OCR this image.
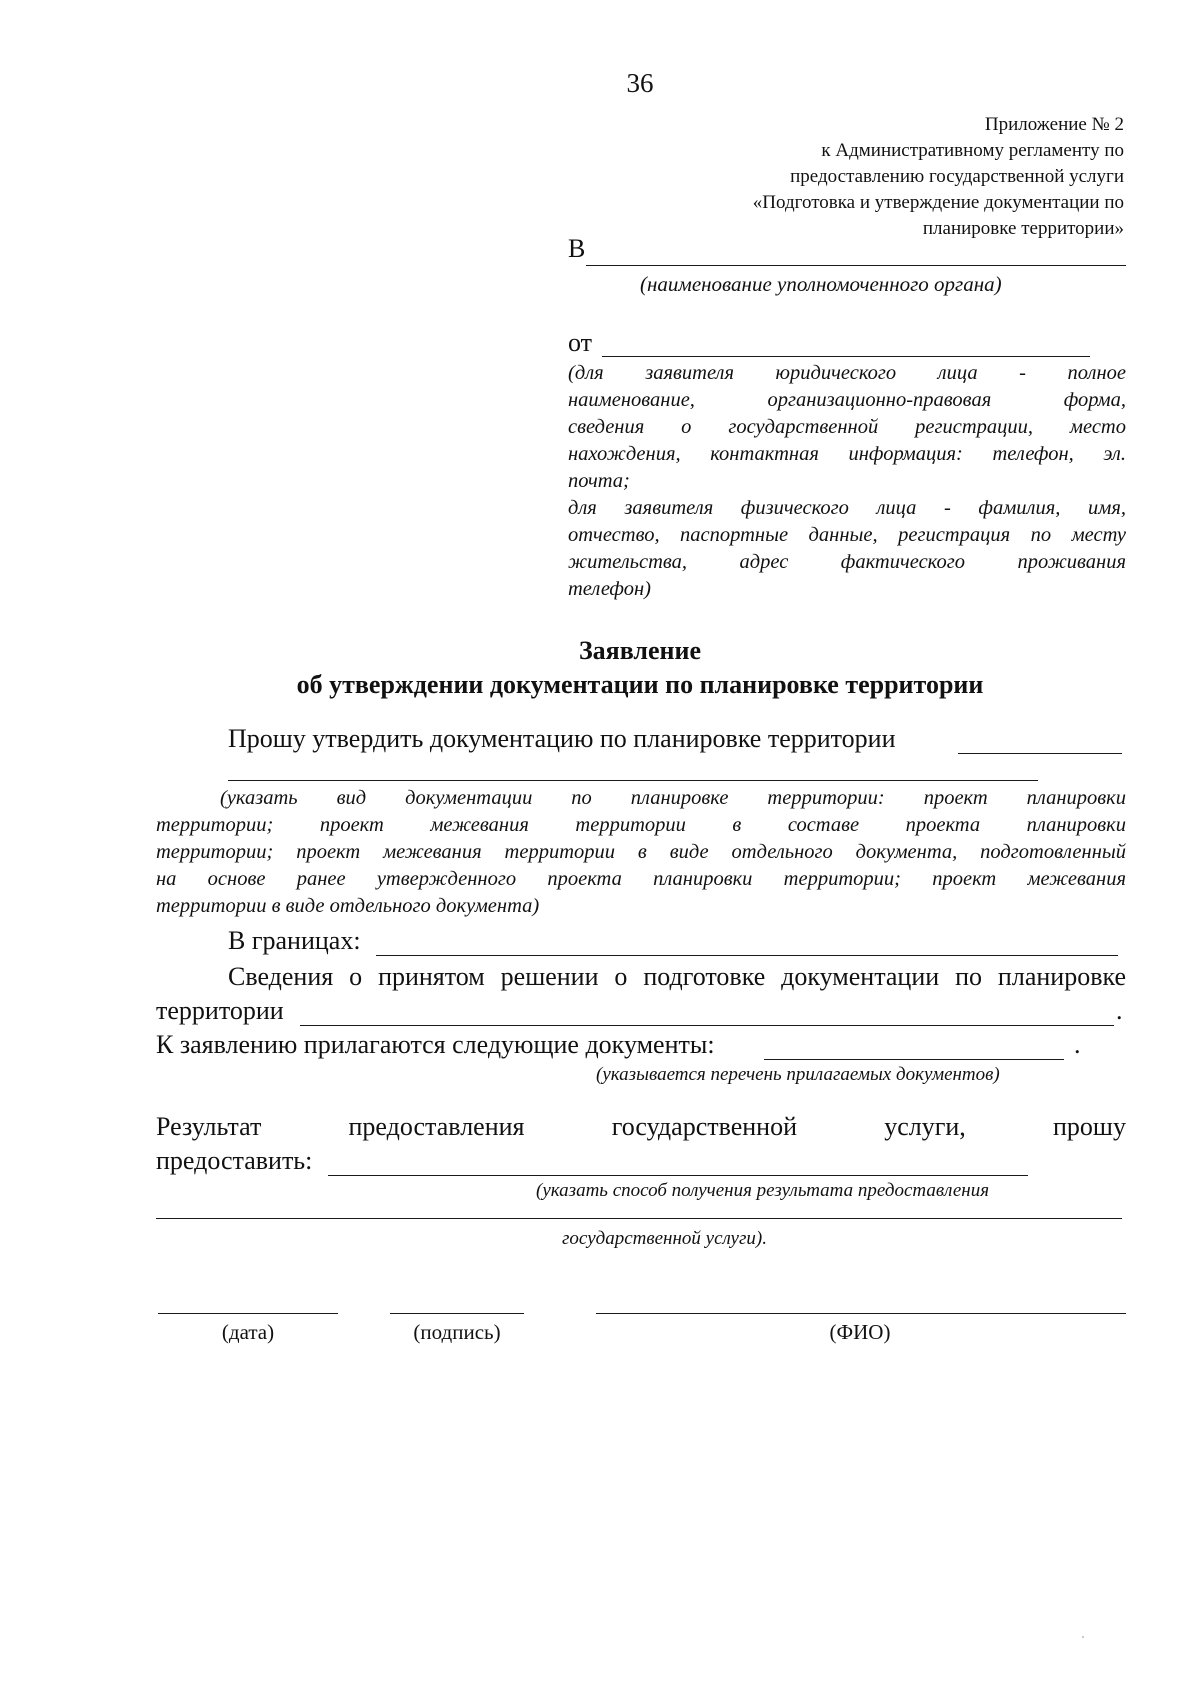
36
Приложение № 2
к Административному регламенту по
предоставлению государственной услуги
«Подготовка и утверждение документации по
планировке территории»
В
(наименование уполномоченного органа)
от
(для заявителя юридического лица - полное
наименование, организационно-правовая форма,
сведения о государственной регистрации, место
нахождения, контактная информация: телефон, эл.
почта;
для заявителя физического лица - фамилия, имя,
отчество, паспортные данные, регистрация по месту
жительства, адрес фактического проживания
телефон)
Заявление
об утверждении документации по планировке территории
Прошу утвердить документацию по планировке территории
(указать вид документации по планировке территории: проект планировки
территории; проект межевания территории в составе проекта планировки
территории; проект межевания территории в виде отдельного документа, подготовленный
на основе ранее утвержденного проекта планировки территории; проект межевания
территории в виде отдельного документа)
В границах:
Сведения о принятом решении о подготовке документации по планировке
территории	.
К заявлению прилагаются следующие документы:	.
(указывается перечень прилагаемых документов)
Результат	предоставления	государственной	услуги,	прошу
предоставить:
(указать способ получения результата предоставления
государственной услуги).
(дата)	(подпись)	(ФИО)
